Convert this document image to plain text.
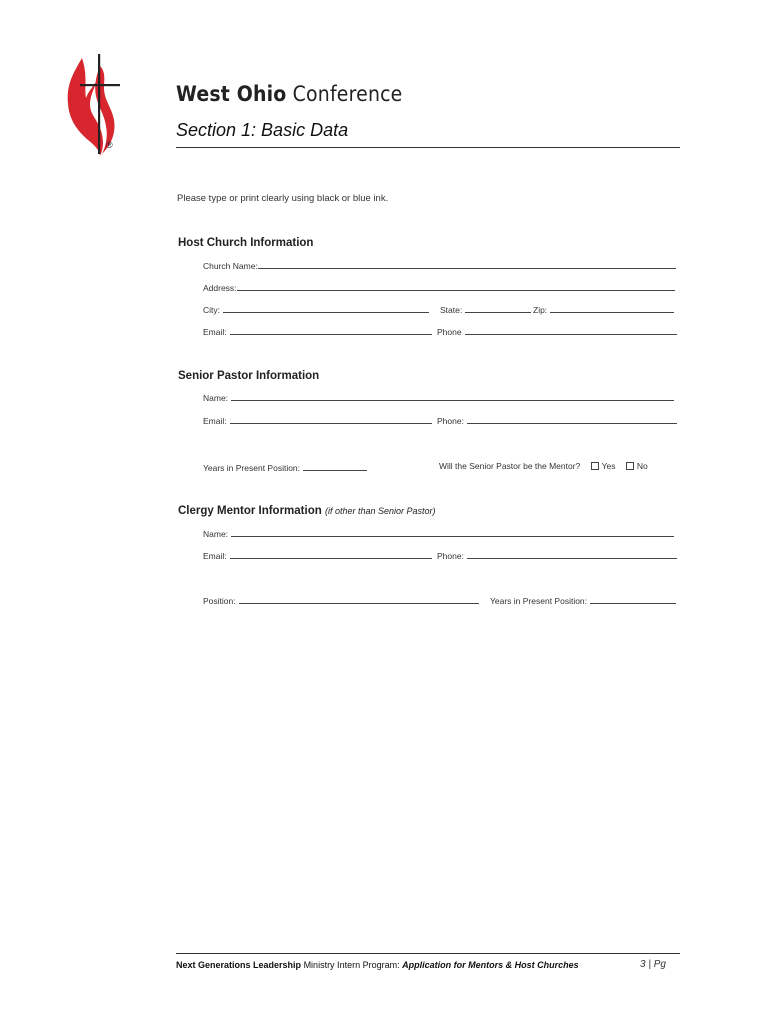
®
West Ohio Conference
Section 1: Basic Data
Please type or print clearly using black or blue ink.
Host Church Information
Church Name:
Address:
City:	State:	Zip:
Email:	Phone
Senior Pastor Information
Name:
Email:	Phone:
Years in Present Position:	Will the Senior Pastor be the Mentor?	Yes	No
Clergy Mentor Information (if other than Senior Pastor)
Name:
Email:	Phone:
Position:	Years in Present Position:
Next Generations Leadership Ministry Intern Program: Application for Mentors & Host Churches	3 | Pg
